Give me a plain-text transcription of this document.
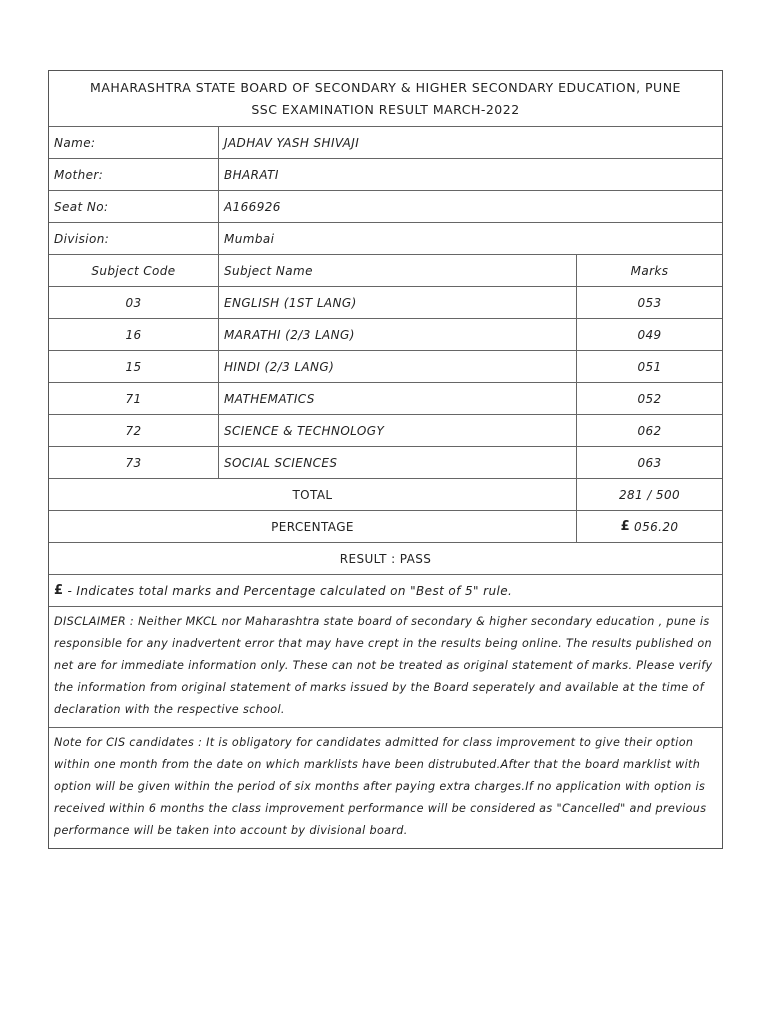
MAHARASHTRA STATE BOARD OF SECONDARY & HIGHER SECONDARY EDUCATION, PUNE
SSC EXAMINATION RESULT MARCH-2022
Name:	JADHAV YASH SHIVAJI
Mother:	BHARATI
Seat No:	A166926
Division:	Mumbai
Subject Code	Subject Name	Marks
03	ENGLISH (1ST LANG)	053
16	MARATHI (2/3 LANG)	049
15	HINDI (2/3 LANG)	051
71	MATHEMATICS	052
72	SCIENCE & TECHNOLOGY	062
73	SOCIAL SCIENCES	063
TOTAL	281 / 500
PERCENTAGE	£ 056.20
RESULT : PASS
£ - Indicates total marks and Percentage calculated on "Best of 5" rule.
DISCLAIMER : Neither MKCL nor Maharashtra state board of secondary & higher secondary education , pune is responsible for any inadvertent error that may have crept in the results being online. The results published on net are for immediate information only. These can not be treated as original statement of marks. Please verify the information from original statement of marks issued by the Board seperately and available at the time of declaration with the respective school.
Note for CIS candidates : It is obligatory for candidates admitted for class improvement to give their option within one month from the date on which marklists have been distrubuted.After that the board marklist with option will be given within the period of six months after paying extra charges.If no application with option is received within 6 months the class improvement performance will be considered as "Cancelled" and previous performance will be taken into account by divisional board.
